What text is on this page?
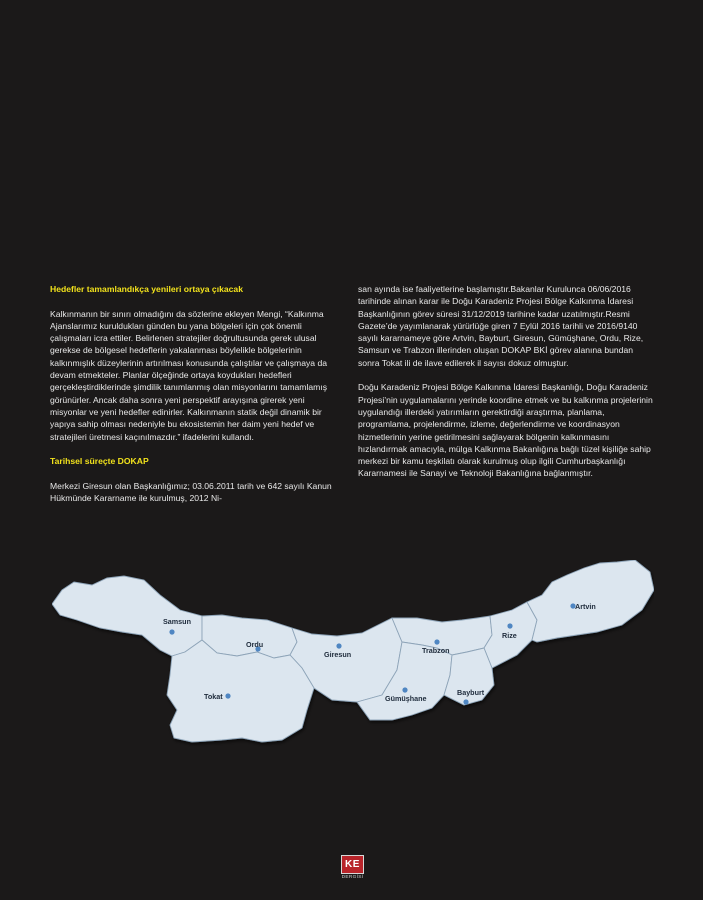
Hedefler tamamlandıkça yenileri ortaya çıkacak

Kalkınmanın bir sınırı olmadığını da sözlerine ekleyen Mengi, “Kalkınma Ajanslarımız kuruldukları günden bu yana bölgeleri için çok önemli çalışmaları icra ettiler. Belirlenen stratejiler doğrultusunda gerek ulusal gerekse de bölgesel hedeflerin yakalanması böylelikle bölgelerinin kalkınmışlık düzeylerinin artırılması konusunda çalıştılar ve çalışmaya da devam etmekteler. Planlar ölçeğinde ortaya koydukları hedefleri gerçekleştirdiklerinde şimdilik tanımlanmış olan misyonlarını tamamlamış görünürler. Ancak daha sonra yeni perspektif arayışına girerek yeni misyonlar ve yeni hedefler edinirler. Kalkınmanın statik değil dinamik bir yapıya sahip olması nedeniyle bu ekosistemin her daim yeni hedef ve stratejileri üretmesi kaçınılmazdır.” ifadelerini kullandı.

Tarihsel süreçte DOKAP

Merkezi Giresun olan Başkanlığımız; 03.06.2011 tarih ve 642 sayılı Kanun Hükmünde Kararname ile kurulmuş, 2012 Ni-

san ayında ise faaliyetlerine başlamıştır.Bakanlar Kurulunca 06/06/2016 tarihinde alınan karar ile Doğu Karadeniz Projesi Bölge Kalkınma İdaresi Başkanlığının görev süresi 31/12/2019 tarihine kadar uzatılmıştır.Resmi Gazete’de yayımlanarak yürürlüğe giren 7 Eylül 2016 tarihli ve 2016/9140 sayılı kararnameye göre Artvin, Bayburt, Giresun, Gümüşhane, Ordu, Rize, Samsun ve Trabzon illerinden oluşan DOKAP BKİ görev alanına bundan sonra Tokat ili de ilave edilerek il sayısı dokuz olmuştur.

Doğu Karadeniz Projesi Bölge Kalkınma İdaresi Başkanlığı, Doğu Karadeniz Projesi’nin uygulamalarını yerinde koordine etmek ve bu kalkınma projelerinin uygulandığı illerdeki yatırımların gerektirdiği araştırma, planlama, programlama, projelendirme, izleme, değerlendirme ve koordinasyon hizmetlerinin yerine getirilmesini sağlayarak bölgenin kalkınmasını hızlandırmak amacıyla, mülga Kalkınma Bakanlığına bağlı tüzel kişiliğe sahip merkezi bir kamu teşkilatı olarak kurulmuş olup ilgili Cumhurbaşkanlığı Kararnamesi ile Sanayi ve Teknoloji Bakanlığına bağlanmıştır.

Samsun
Ordu
Giresun	Trabzon
Rize
Artvin
Tokat	Gümüşhane
Bayburt
KE
DERGİSİ
